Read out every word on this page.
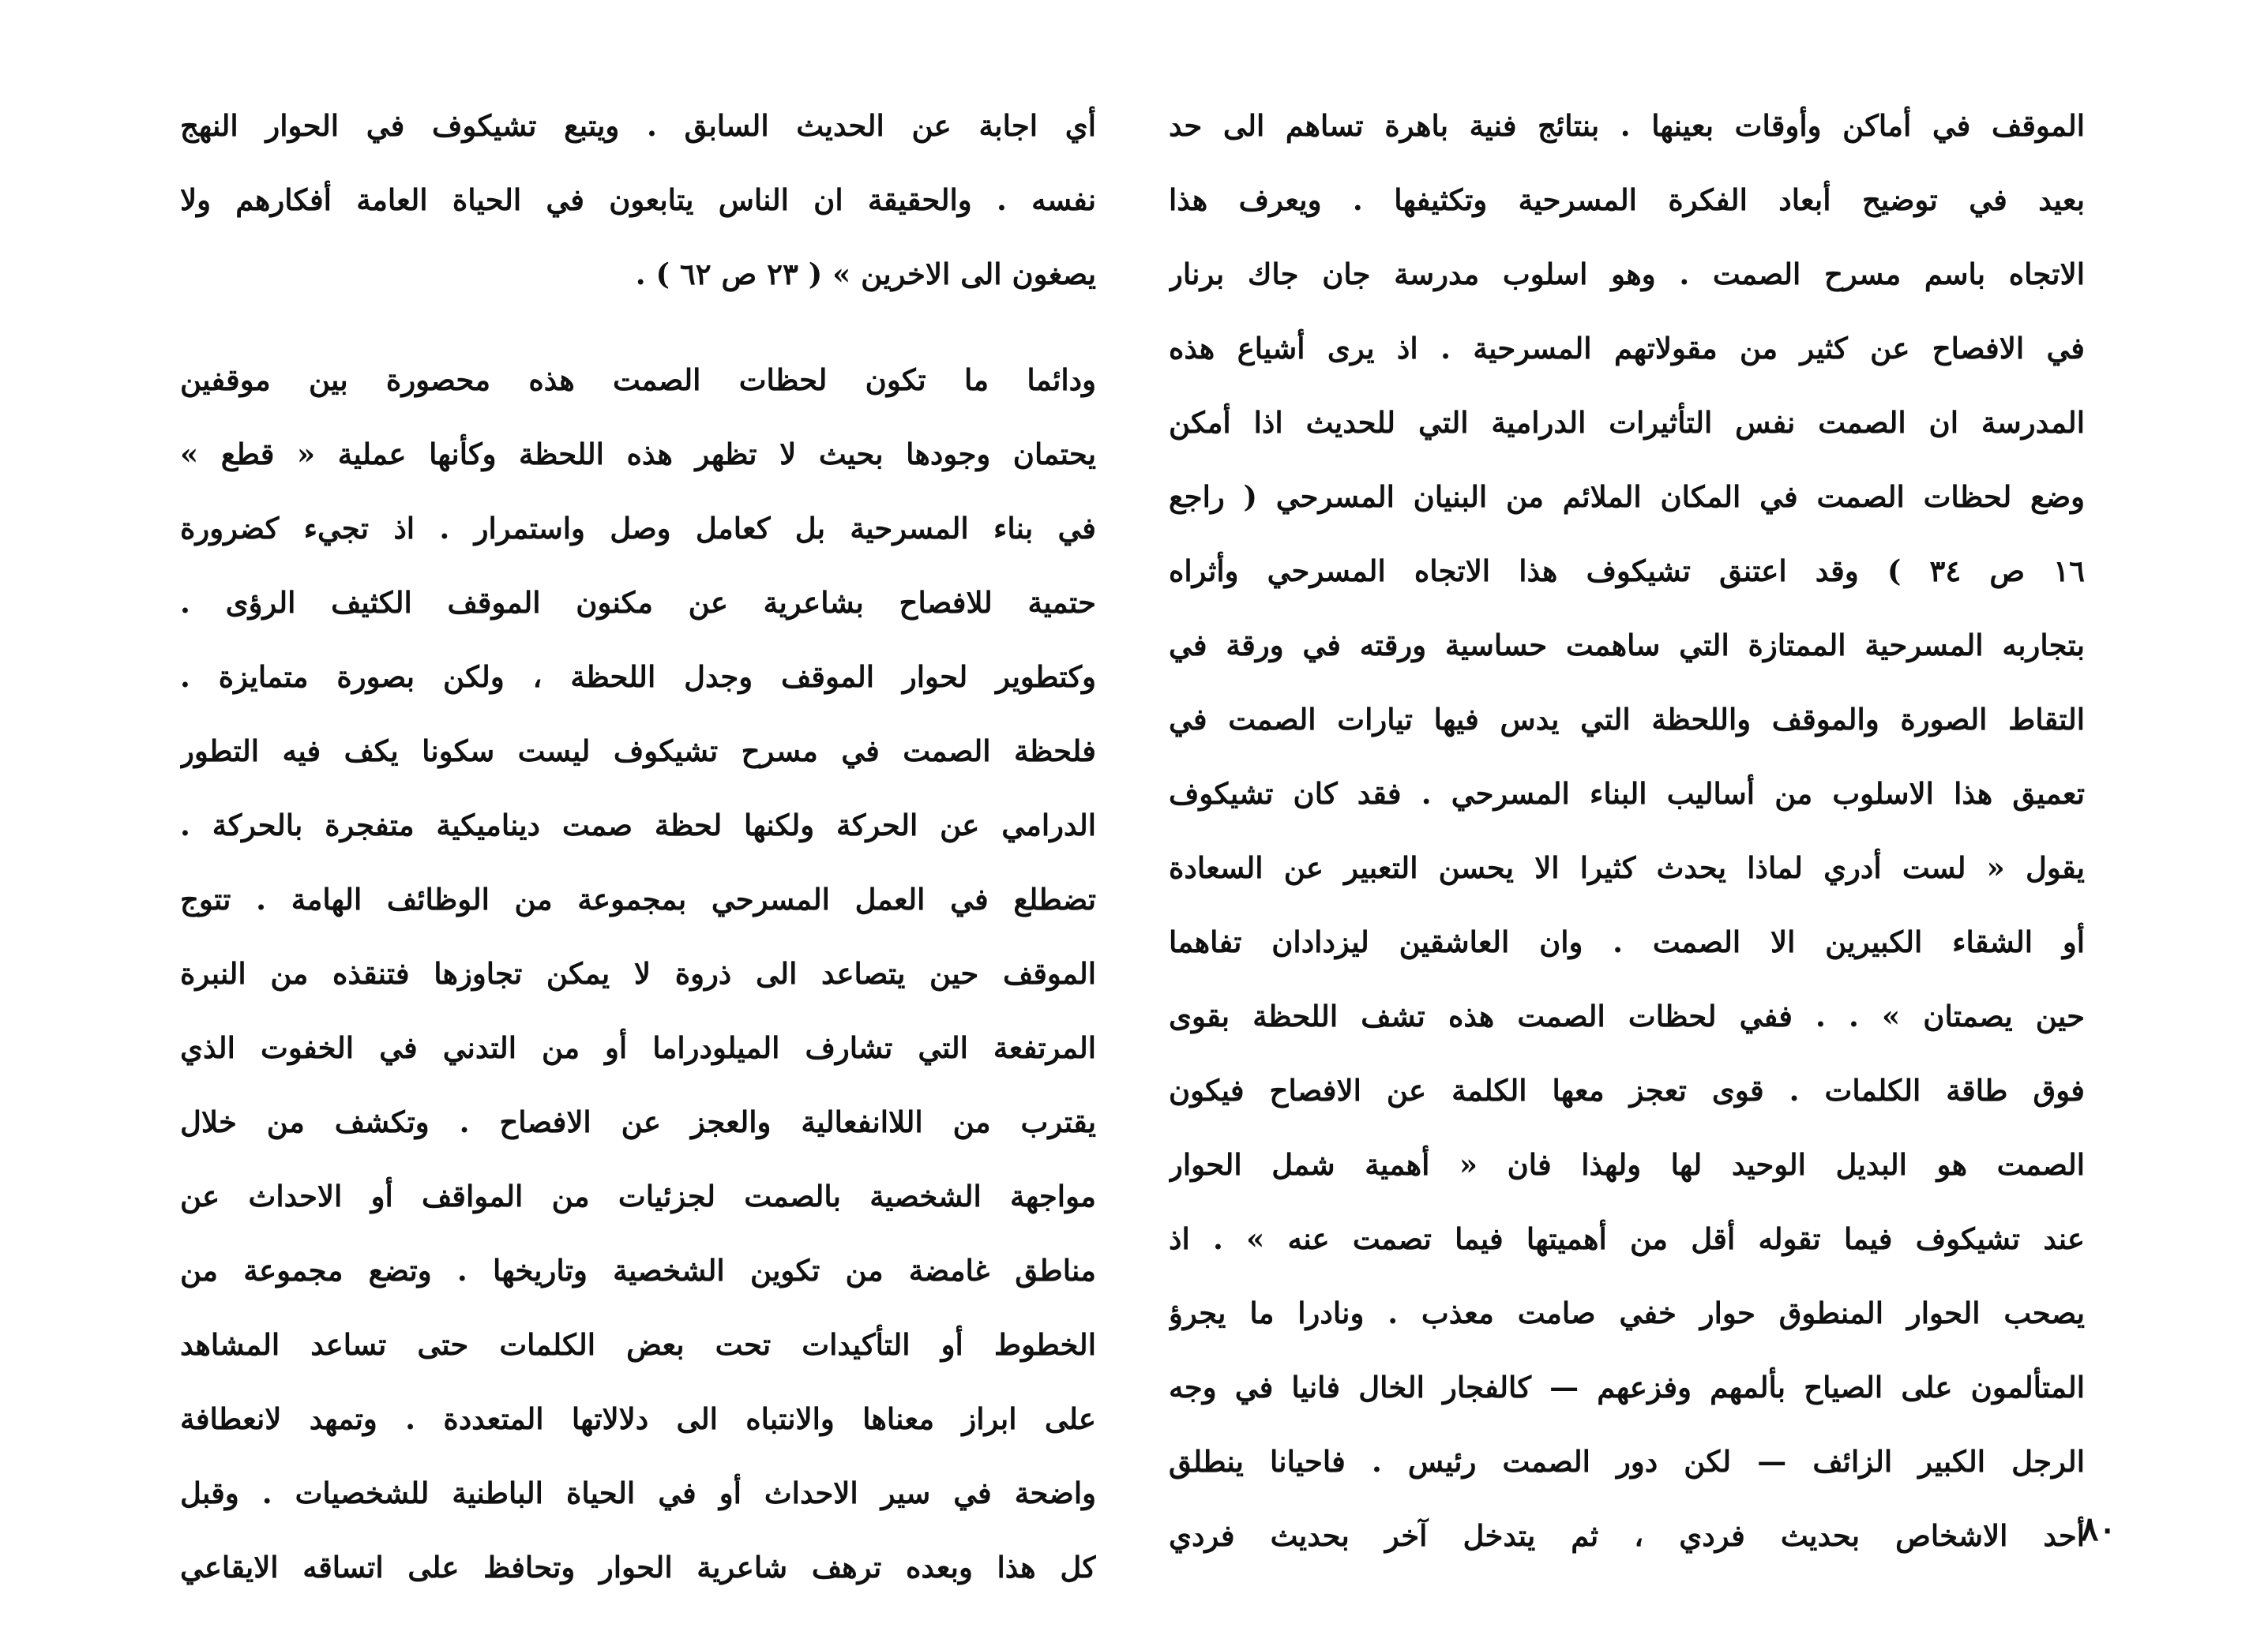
الموقف في أماكن وأوقات بعينها . بنتائج فنية باهرة تساهم الى حد
بعيد في توضيح أبعاد الفكرة المسرحية وتكثيفها . ويعرف هذا
الاتجاه باسم مسرح الصمت . وهو اسلوب مدرسة جان جاك برنار
في الافصاح عن كثير من مقولاتهم المسرحية . اذ يرى أشياع هذه
المدرسة ان الصمت نفس التأثيرات الدرامية التي للحديث اذا أمكن
وضع لحظات الصمت في المكان الملائم من البنيان المسرحي ( راجع
١٦ ص ٣٤ ) وقد اعتنق تشيكوف هذا الاتجاه المسرحي وأثراه
بتجاربه المسرحية الممتازة التي ساهمت حساسية ورقته في ورقة في
التقاط الصورة والموقف واللحظة التي يدس فيها تيارات الصمت في
تعميق هذا الاسلوب من أساليب البناء المسرحي . فقد كان تشيكوف
يقول « لست أدري لماذا يحدث كثيرا الا يحسن التعبير عن السعادة
أو الشقاء الكبيرين الا الصمت . وان العاشقين ليزدادان تفاهما
حين يصمتان » . . ففي لحظات الصمت هذه تشف اللحظة بقوى
فوق طاقة الكلمات . قوى تعجز معها الكلمة عن الافصاح فيكون
الصمت هو البديل الوحيد لها ولهذا فان « أهمية شمل الحوار
عند تشيكوف فيما تقوله أقل من أهميتها فيما تصمت عنه » . اذ
يصحب الحوار المنطوق حوار خفي صامت معذب . ونادرا ما يجرؤ
المتألمون على الصياح بألمهم وفزعهم — كالفجار الخال فانيا في وجه
الرجل الكبير الزائف — لكن دور الصمت رئيس . فاحيانا ينطلق
أحد الاشخاص بحديث فردي ، ثم يتدخل آخر بحديث فردي
أي اجابة عن الحديث السابق . ويتبع تشيكوف في الحوار النهج
نفسه . والحقيقة ان الناس يتابعون في الحياة العامة أفكارهم ولا
يصغون الى الاخرين » ( ٢٣ ص ٦٢ ) .
ودائما ما تكون لحظات الصمت هذه محصورة بين موقفين
يحتمان وجودها بحيث لا تظهر هذه اللحظة وكأنها عملية « قطع »
في بناء المسرحية بل كعامل وصل واستمرار . اذ تجيء كضرورة
حتمية للافصاح بشاعرية عن مكنون الموقف الكثيف الرؤى .
وكتطوير لحوار الموقف وجدل اللحظة ، ولكن بصورة متمايزة .
فلحظة الصمت في مسرح تشيكوف ليست سكونا يكف فيه التطور
الدرامي عن الحركة ولكنها لحظة صمت ديناميكية متفجرة بالحركة .
تضطلع في العمل المسرحي بمجموعة من الوظائف الهامة . تتوج
الموقف حين يتصاعد الى ذروة لا يمكن تجاوزها فتنقذه من النبرة
المرتفعة التي تشارف الميلودراما أو من التدني في الخفوت الذي
يقترب من اللاانفعالية والعجز عن الافصاح . وتكشف من خلال
مواجهة الشخصية بالصمت لجزئيات من المواقف أو الاحداث عن
مناطق غامضة من تكوين الشخصية وتاريخها . وتضع مجموعة من
الخطوط أو التأكيدات تحت بعض الكلمات حتى تساعد المشاهد
على ابراز معناها والانتباه الى دلالاتها المتعددة . وتمهد لانعطافة
واضحة في سير الاحداث أو في الحياة الباطنية للشخصيات . وقبل
كل هذا وبعده ترهف شاعرية الحوار وتحافظ على اتساقه الايقاعي
٨٠
